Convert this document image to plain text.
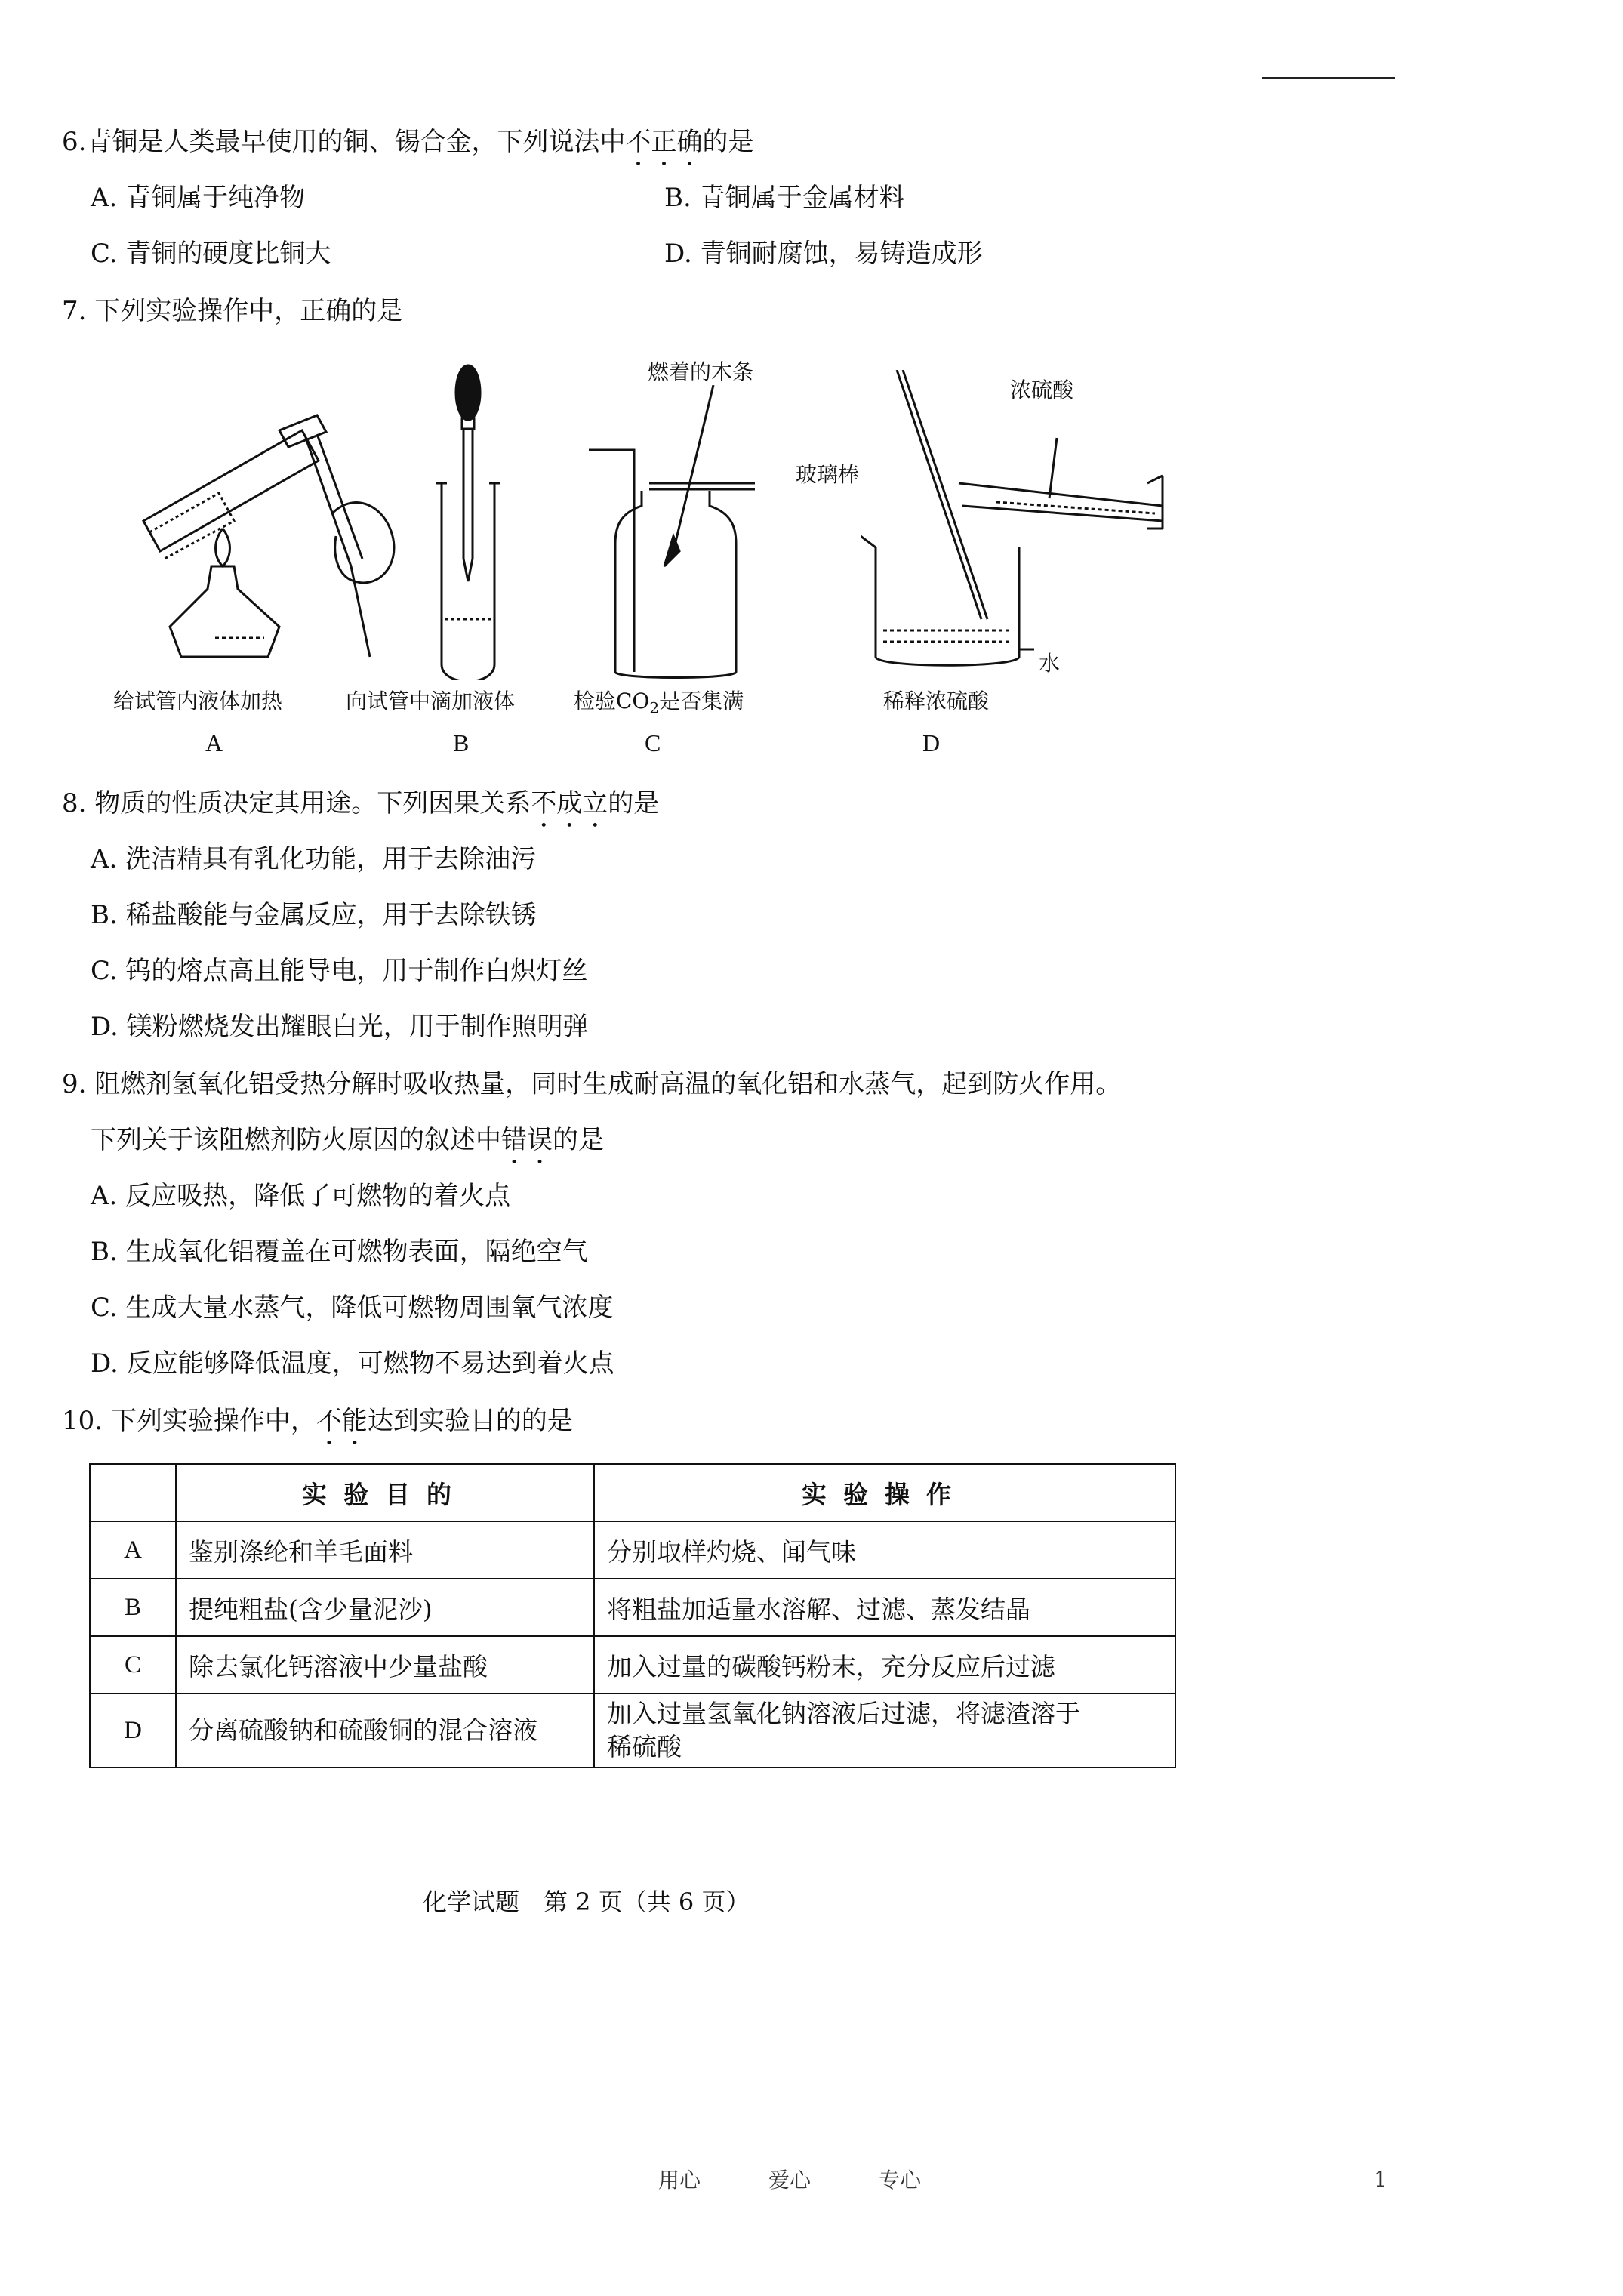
6.青铜是人类最早使用的铜、锡合金，下列说法中不正确的是
A. 青铜属于纯净物	B. 青铜属于金属材料
C. 青铜的硬度比铜大	D. 青铜耐腐蚀，易铸造成形
7. 下列实验操作中，正确的是
给试管内液体加热
A
向试管中滴加液体
B
燃着的木条
检验$CO_2$是否集满
C
浓硫酸
玻璃棒
水
稀释浓硫酸
D
8. 物质的性质决定其用途。下列因果关系不成立的是
A. 洗洁精具有乳化功能，用于去除油污
B. 稀盐酸能与金属反应，用于去除铁锈
C. 钨的熔点高且能导电，用于制作白炽灯丝
D. 镁粉燃烧发出耀眼白光，用于制作照明弹
9. 阻燃剂氢氧化铝受热分解时吸收热量，同时生成耐高温的氧化铝和水蒸气，起到防火作用。
下列关于该阻燃剂防火原因的叙述中错误的是
A. 反应吸热，降低了可燃物的着火点
B. 生成氧化铝覆盖在可燃物表面，隔绝空气
C. 生成大量水蒸气，降低可燃物周围氧气浓度
D. 反应能够降低温度，可燃物不易达到着火点
10. 下列实验操作中，不能达到实验目的的是
	实验目的	实验操作
A	鉴别涤纶和羊毛面料	分别取样灼烧、闻气味
B	提纯粗盐(含少量泥沙)	将粗盐加适量水溶解、过滤、蒸发结晶
C	除去氯化钙溶液中少量盐酸	加入过量的碳酸钙粉末，充分反应后过滤
D	分离硫酸钠和硫酸铜的混合溶液	加入过量氢氧化钠溶液后过滤，将滤渣溶于
稀硫酸
化学试题　第 2 页（共 6 页）
用心	爱心	专心	1
